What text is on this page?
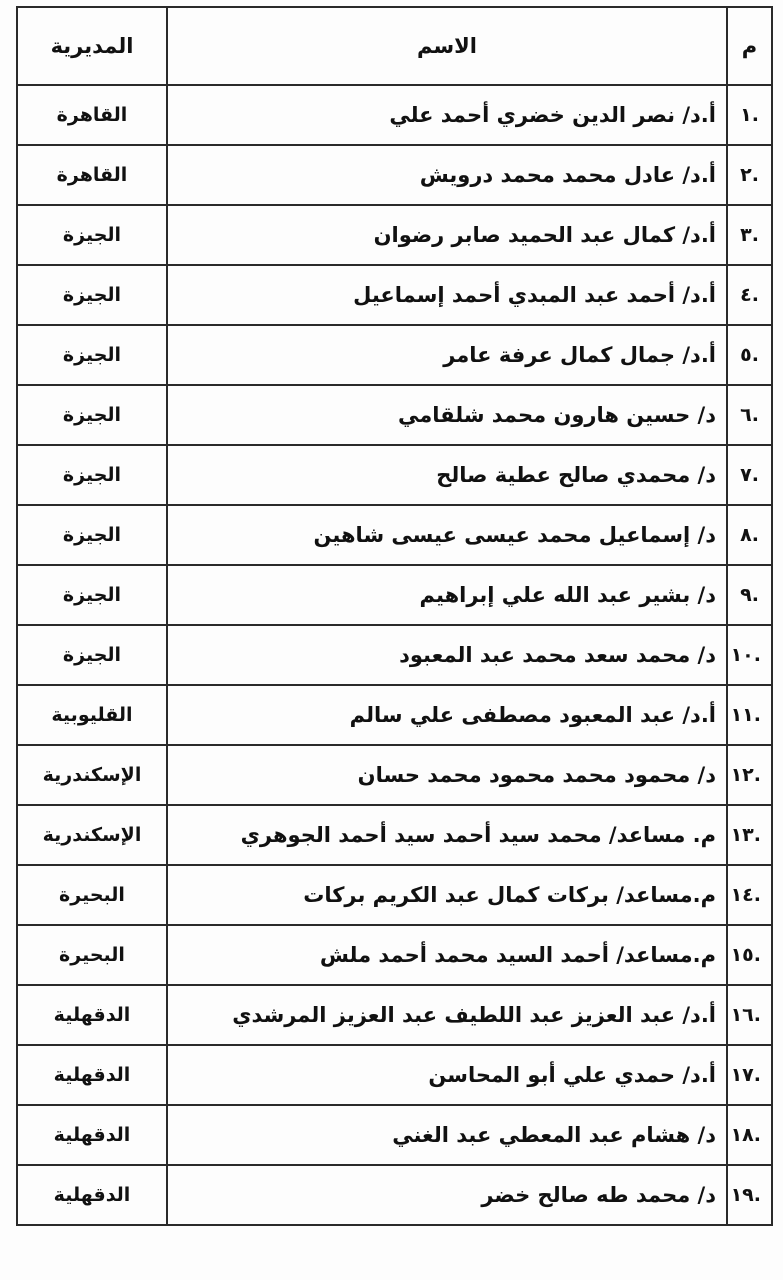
م	الاسم	المديرية
.١	أ.د/ نصر الدين خضري أحمد علي	القاهرة
.٢	أ.د/ عادل محمد محمد درويش	القاهرة
.٣	أ.د/ كمال عبد الحميد صابر رضوان	الجيزة
.٤	أ.د/ أحمد عبد المبدي أحمد إسماعيل	الجيزة
.٥	أ.د/ جمال كمال عرفة عامر	الجيزة
.٦	د/ حسين هارون محمد شلقامي	الجيزة
.٧	د/ محمدي صالح عطية صالح	الجيزة
.٨	د/ إسماعيل محمد عيسى عيسى شاهين	الجيزة
.٩	د/ بشير عبد الله علي إبراهيم	الجيزة
.١٠	د/ محمد سعد محمد عبد المعبود	الجيزة
.١١	أ.د/ عبد المعبود مصطفى علي سالم	القليوبية
.١٢	د/ محمود محمد محمود محمد حسان	الإسكندرية
.١٣	م. مساعد/ محمد سيد أحمد سيد أحمد الجوهري	الإسكندرية
.١٤	م.مساعد/ بركات كمال عبد الكريم بركات	البحيرة
.١٥	م.مساعد/ أحمد السيد محمد أحمد ملش	البحيرة
.١٦	أ.د/ عبد العزيز عبد اللطيف عبد العزيز المرشدي	الدقهلية
.١٧	أ.د/ حمدي علي أبو المحاسن	الدقهلية
.١٨	د/ هشام عبد المعطي عبد الغني	الدقهلية
.١٩	د/ محمد طه صالح خضر	الدقهلية
